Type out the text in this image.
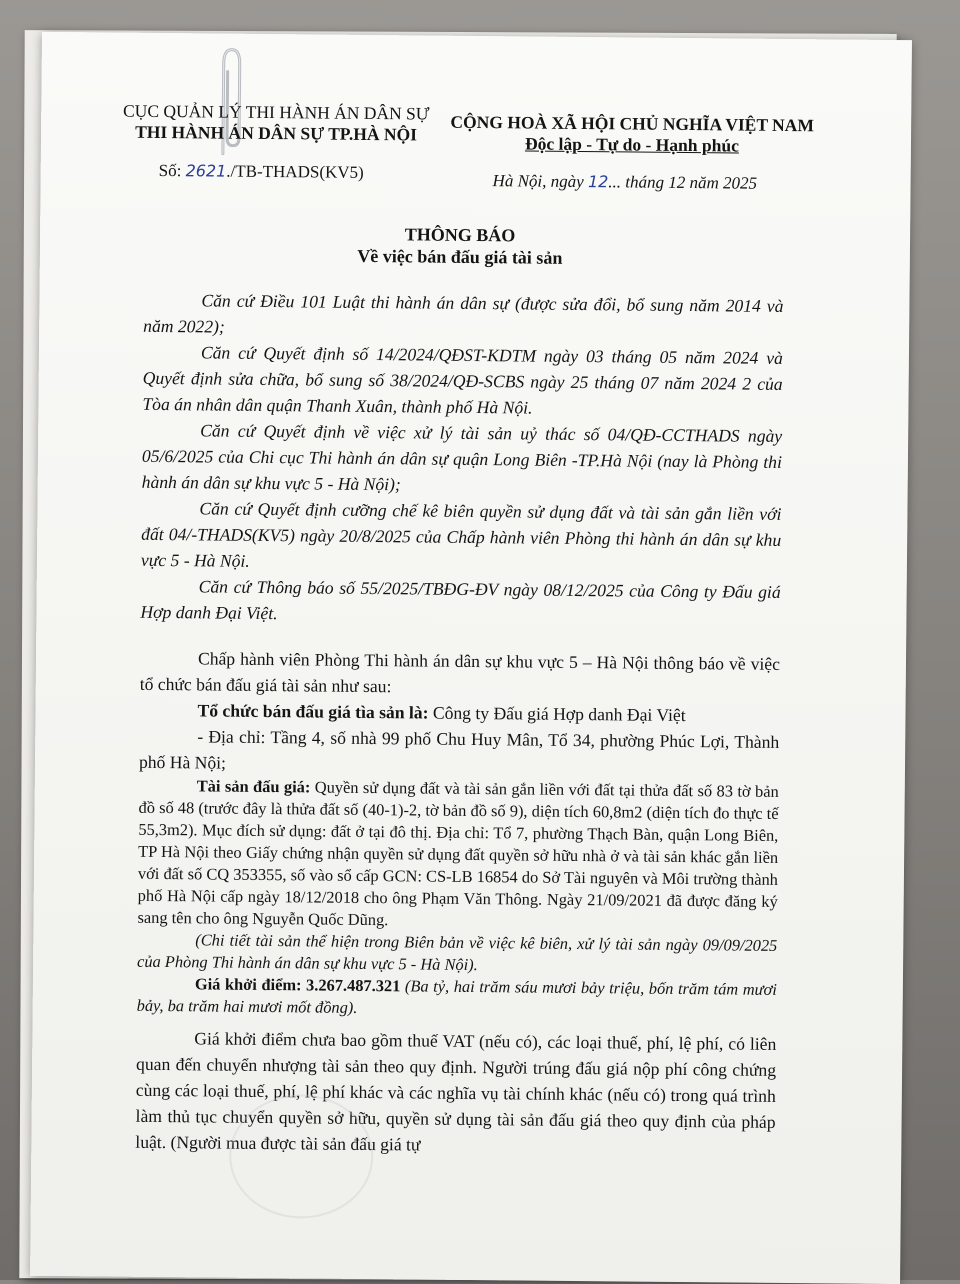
CỤC QUẢN LÝ THI HÀNH ÁN DÂN SỰ
THI HÀNH ÁN DÂN SỰ TP.HÀ NỘI	CỘNG HOÀ XÃ HỘI CHỦ NGHĨA VIỆT NAM
Độc lập - Tự do - Hạnh phúc
Số: 2621./TB-THADS(KV5)	Hà Nội, ngày 12... tháng 12 năm 2025
THÔNG BÁO
Về việc bán đấu giá tài sản

Căn cứ Điều 101 Luật thi hành án dân sự (được sửa đổi, bổ sung năm 2014 và năm 2022);

Căn cứ Quyết định số 14/2024/QĐST-KDTM ngày 03 tháng 05 năm 2024 và Quyết định sửa chữa, bổ sung số 38/2024/QĐ-SCBS ngày 25 tháng 07 năm 2024 2 của Tòa án nhân dân quận Thanh Xuân, thành phố Hà Nội.

Căn cứ Quyết định về việc xử lý tài sản uỷ thác số 04/QĐ-CCTHADS ngày 05/6/2025 của Chi cục Thi hành án dân sự quận Long Biên -TP.Hà Nội (nay là Phòng thi hành án dân sự khu vực 5 - Hà Nội);

Căn cứ Quyết định cưỡng chế kê biên quyền sử dụng đất và tài sản gắn liền với đất 04/-THADS(KV5) ngày 20/8/2025 của Chấp hành viên Phòng thi hành án dân sự khu vực 5 - Hà Nội.

Căn cứ Thông báo số 55/2025/TBĐG-ĐV ngày 08/12/2025 của Công ty Đấu giá Hợp danh Đại Việt.

Chấp hành viên Phòng Thi hành án dân sự khu vực 5 – Hà Nội thông báo về việc tổ chức bán đấu giá tài sản như sau:

Tổ chức bán đấu giá tìa sản là: Công ty Đấu giá Hợp danh Đại Việt

- Địa chỉ: Tầng 4, số nhà 99 phố Chu Huy Mân, Tổ 34, phường Phúc Lợi, Thành phố Hà Nội;

Tài sản đấu giá: Quyền sử dụng đất và tài sản gắn liền với đất tại thửa đất số 83 tờ bản đồ số 48 (trước đây là thửa đất số (40-1)-2, tờ bản đồ số 9), diện tích 60,8m2 (diện tích đo thực tế 55,3m2). Mục đích sử dụng: đất ở tại đô thị. Địa chỉ: Tổ 7, phường Thạch Bàn, quận Long Biên, TP Hà Nội theo Giấy chứng nhận quyền sử dụng đất quyền sở hữu nhà ở và tài sản khác gắn liền với đất số CQ 353355, số vào sổ cấp GCN: CS-LB 16854 do Sở Tài nguyên và Môi trường thành phố Hà Nội cấp ngày 18/12/2018 cho ông Phạm Văn Thông. Ngày 21/09/2021 đã được đăng ký sang tên cho ông Nguyễn Quốc Dũng.

(Chi tiết tài sản thể hiện trong Biên bản về việc kê biên, xử lý tài sản ngày 09/09/2025 của Phòng Thi hành án dân sự khu vực 5 - Hà Nội).

Giá khởi điểm: 3.267.487.321 (Ba tỷ, hai trăm sáu mươi bảy triệu, bốn trăm tám mươi bảy, ba trăm hai mươi mốt đồng).

Giá khởi điểm chưa bao gồm thuế VAT (nếu có), các loại thuế, phí, lệ phí, có liên quan đến chuyển nhượng tài sản theo quy định. Người trúng đấu giá nộp phí công chứng cùng các loại thuế, phí, lệ phí khác và các nghĩa vụ tài chính khác (nếu có) trong quá trình làm thủ tục chuyển quyền sở hữu, quyền sử dụng tài sản đấu giá theo quy định của pháp luật. (Người mua được tài sản đấu giá tự
